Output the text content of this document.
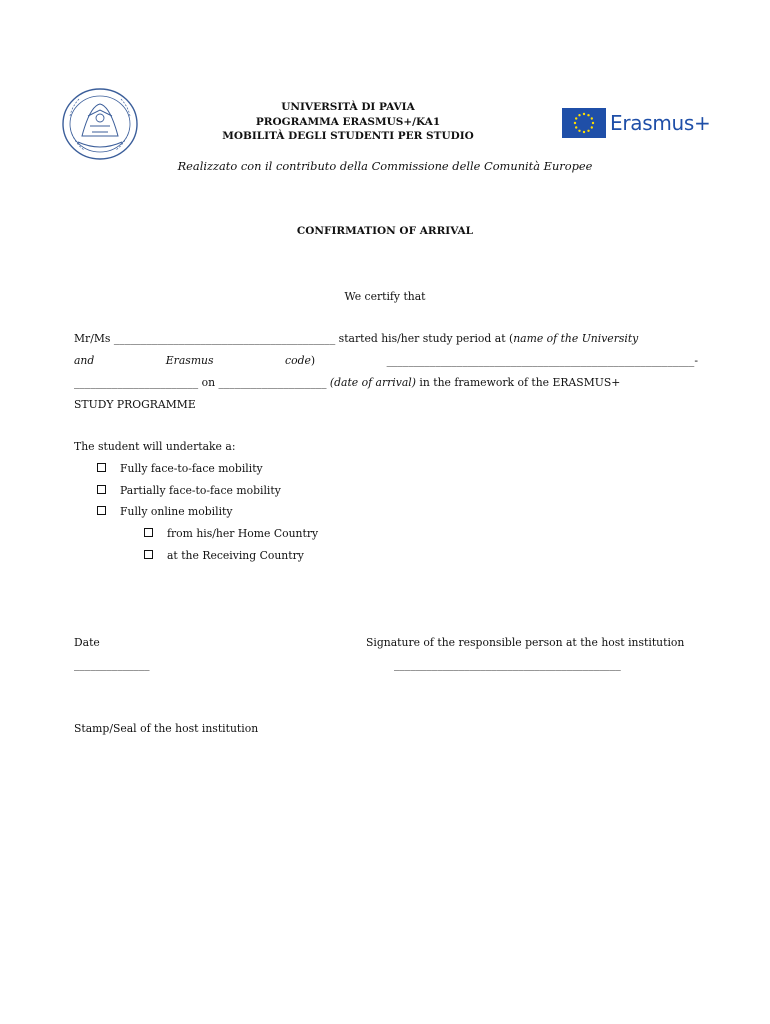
UNIVERSITÀ DI PAVIA
PROGRAMMA ERASMUS+/KA1
MOBILITÀ DEGLI STUDENTI PER STUDIO
Erasmus+
Realizzato con il contributo della Commissione delle Comunità Europee
CONFIRMATION OF ARRIVAL
We certify that
Mr/Ms _________________________________________ started his/her study period at (name of the University
and	Erasmus	code)	_________________________________________________________-
_______________________ on ____________________ (date of arrival) in the framework of the ERASMUS+
STUDY PROGRAMME
The student will undertake a:
Fully face-to-face mobility
Partially face-to-face mobility
Fully online mobility
from his/her Home Country
at the Receiving Country
Date
______________
Signature of the responsible person at the host institution
__________________________________________
Stamp/Seal of the host institution
